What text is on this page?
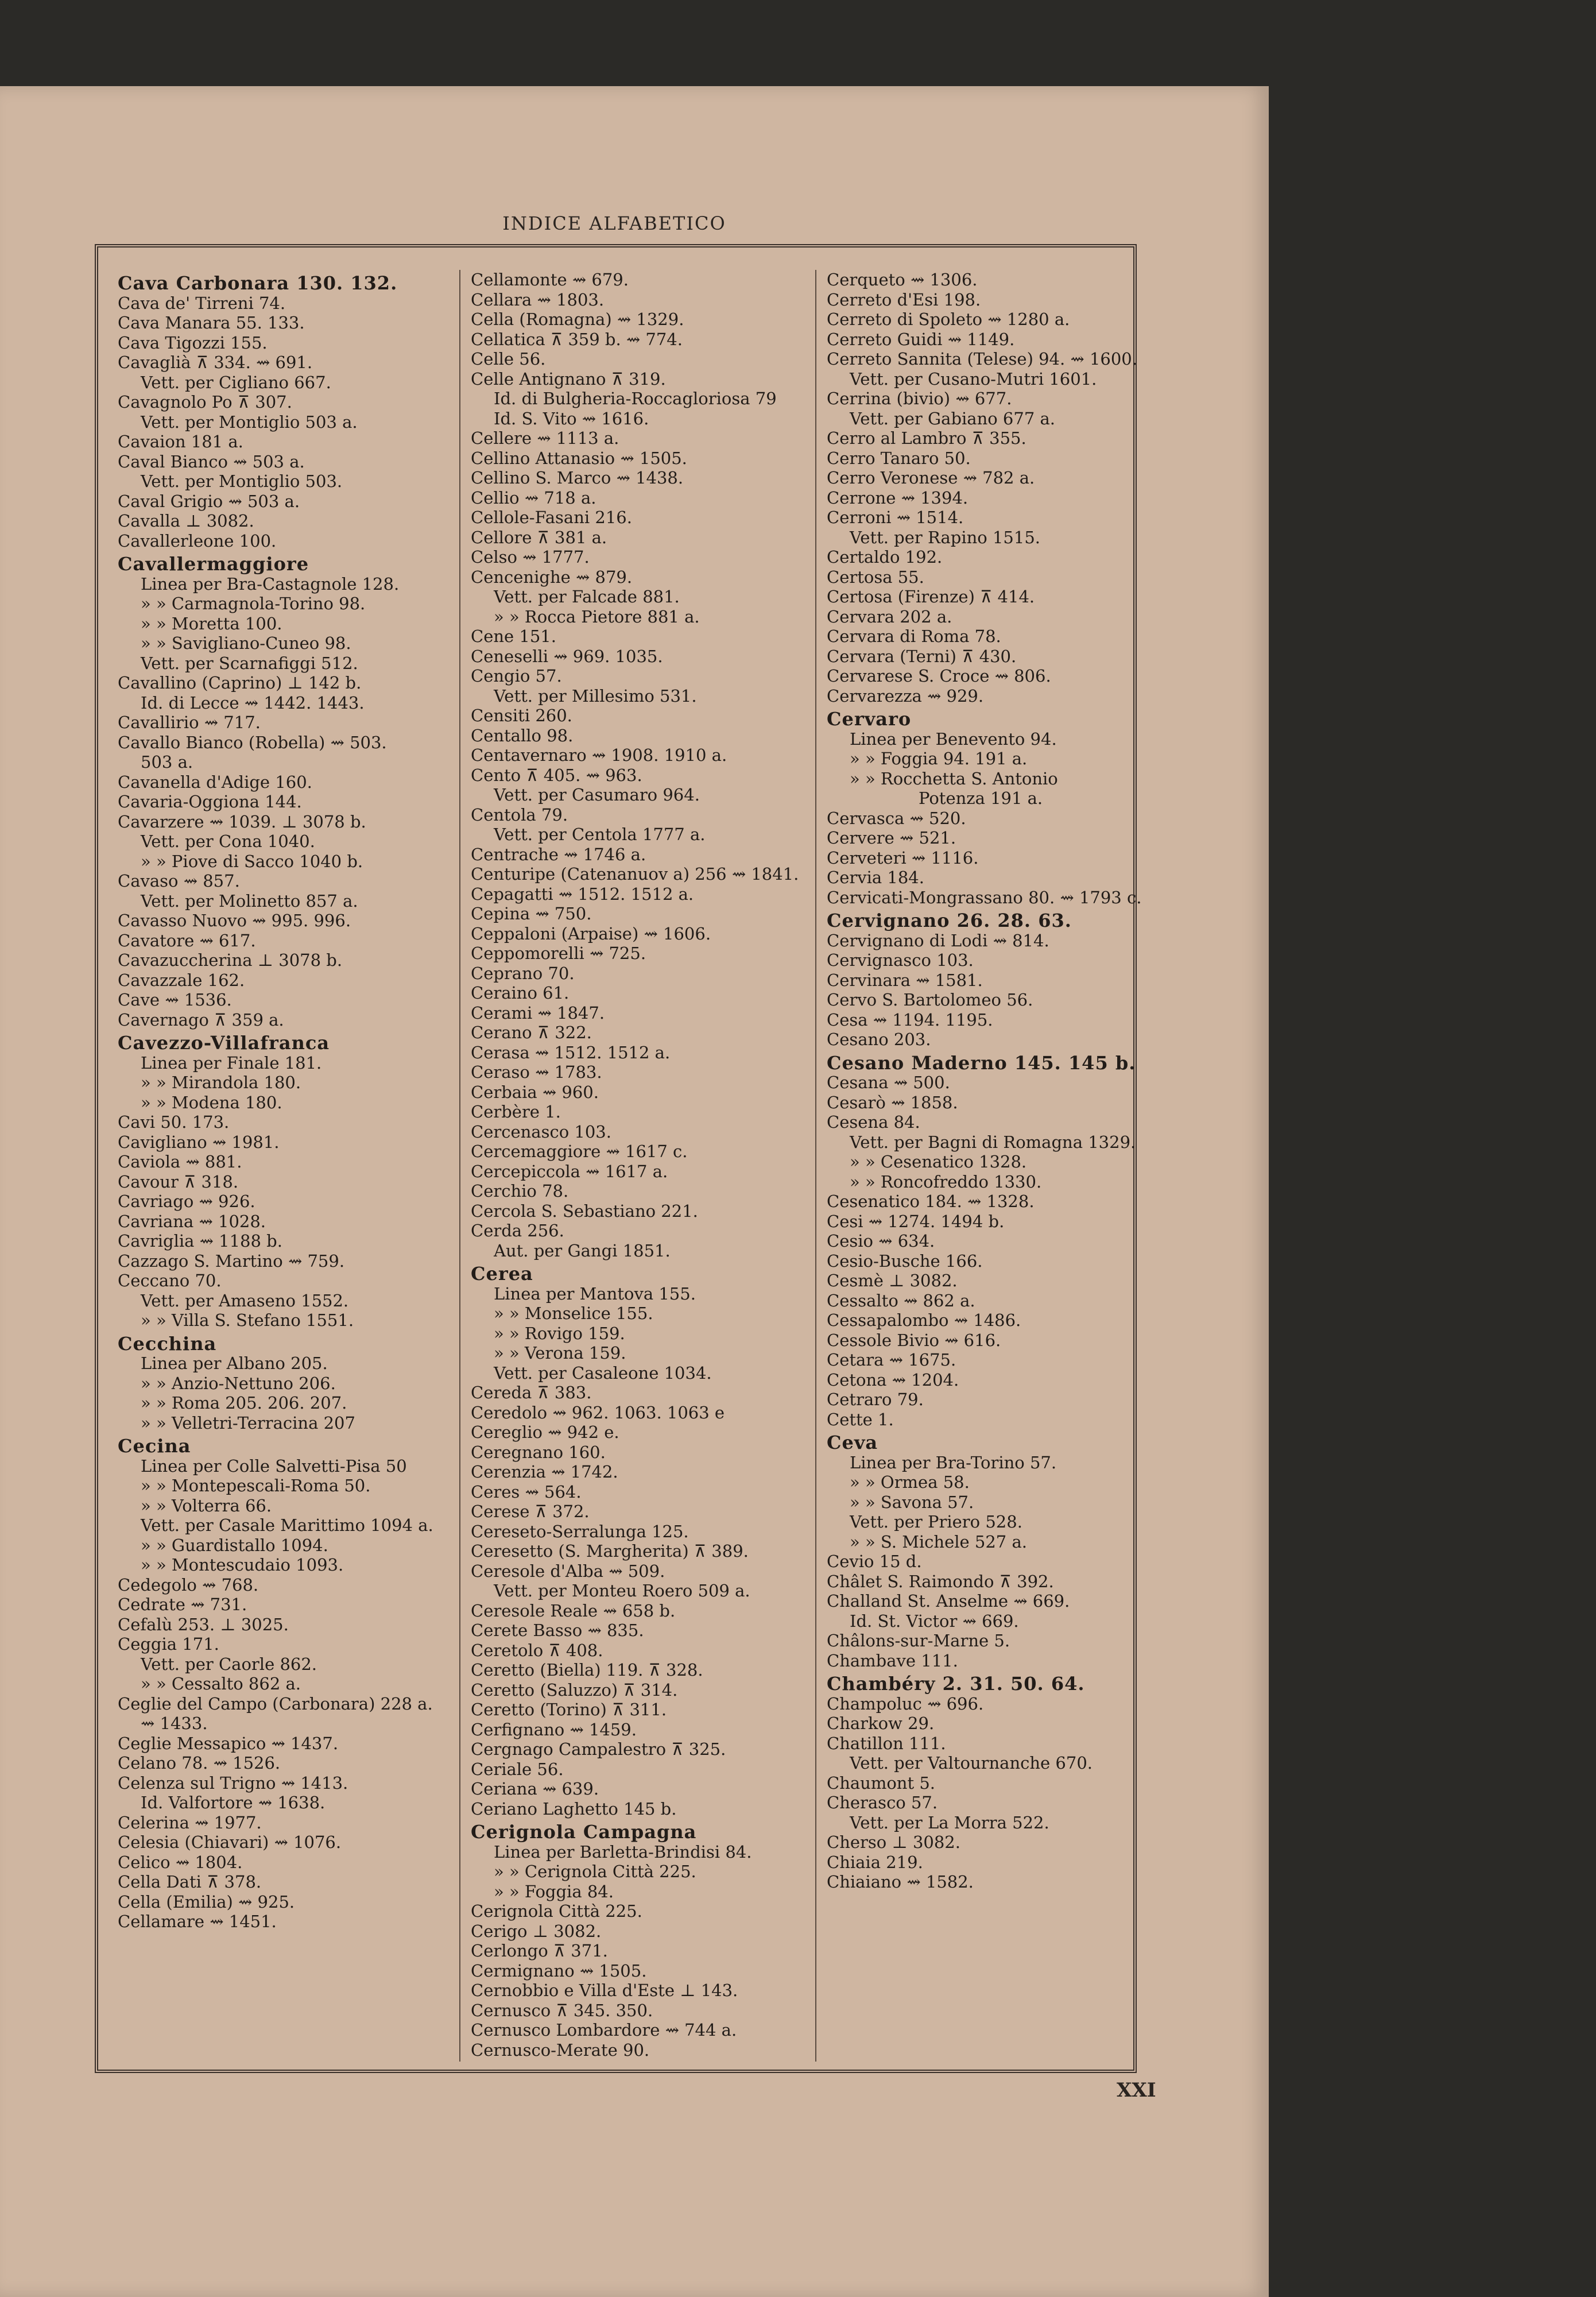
INDICE ALFABETICO
Cava Carbonara 130. 132.
Cava de' Tirreni 74.
Cava Manara 55. 133.
Cava Tigozzi 155.
Cavaglià ⊼ 334. ⇝ 691.
Vett. per Cigliano 667.
Cavagnolo Po ⊼ 307.
Vett. per Montiglio 503 a.
Cavaion 181 a.
Caval Bianco ⇝ 503 a.
Vett. per Montiglio 503.
Caval Grigio ⇝ 503 a.
Cavalla ⊥ 3082.
Cavallerleone 100.
Cavallermaggiore
Linea per Bra-Castagnole 128.
» » Carmagnola-Torino 98.
» » Moretta 100.
» » Savigliano-Cuneo 98.
Vett. per Scarnafiggi 512.
Cavallino (Caprino) ⊥ 142 b.
Id. di Lecce ⇝ 1442. 1443.
Cavallirio ⇝ 717.
Cavallo Bianco (Robella) ⇝ 503.
503 a.
Cavanella d'Adige 160.
Cavaria-Oggiona 144.
Cavarzere ⇝ 1039. ⊥ 3078 b.
Vett. per Cona 1040.
» » Piove di Sacco 1040 b.
Cavaso ⇝ 857.
Vett. per Molinetto 857 a.
Cavasso Nuovo ⇝ 995. 996.
Cavatore ⇝ 617.
Cavazuccherina ⊥ 3078 b.
Cavazzale 162.
Cave ⇝ 1536.
Cavernago ⊼ 359 a.
Cavezzo-Villafranca
Linea per Finale 181.
» » Mirandola 180.
» » Modena 180.
Cavi 50. 173.
Cavigliano ⇝ 1981.
Caviola ⇝ 881.
Cavour ⊼ 318.
Cavriago ⇝ 926.
Cavriana ⇝ 1028.
Cavriglia ⇝ 1188 b.
Cazzago S. Martino ⇝ 759.
Ceccano 70.
Vett. per Amaseno 1552.
» » Villa S. Stefano 1551.
Cecchina
Linea per Albano 205.
» » Anzio-Nettuno 206.
» » Roma 205. 206. 207.
» » Velletri-Terracina 207
Cecina
Linea per Colle Salvetti-Pisa 50
» » Montepescali-Roma 50.
» » Volterra 66.
Vett. per Casale Marittimo 1094 a.
» » Guardistallo 1094.
» » Montescudaio 1093.
Cedegolo ⇝ 768.
Cedrate ⇝ 731.
Cefalù 253. ⊥ 3025.
Ceggia 171.
Vett. per Caorle 862.
» » Cessalto 862 a.
Ceglie del Campo (Carbonara) 228 a.
⇝ 1433.
Ceglie Messapico ⇝ 1437.
Celano 78. ⇝ 1526.
Celenza sul Trigno ⇝ 1413.
Id. Valfortore ⇝ 1638.
Celerina ⇝ 1977.
Celesia (Chiavari) ⇝ 1076.
Celico ⇝ 1804.
Cella Dati ⊼ 378.
Cella (Emilia) ⇝ 925.
Cellamare ⇝ 1451.
Cellamonte ⇝ 679.
Cellara ⇝ 1803.
Cella (Romagna) ⇝ 1329.
Cellatica ⊼ 359 b. ⇝ 774.
Celle 56.
Celle Antignano ⊼ 319.
Id. di Bulgheria-Roccagloriosa 79
Id. S. Vito ⇝ 1616.
Cellere ⇝ 1113 a.
Cellino Attanasio ⇝ 1505.
Cellino S. Marco ⇝ 1438.
Cellio ⇝ 718 a.
Cellole-Fasani 216.
Cellore ⊼ 381 a.
Celso ⇝ 1777.
Cencenighe ⇝ 879.
Vett. per Falcade 881.
» » Rocca Pietore 881 a.
Cene 151.
Ceneselli ⇝ 969. 1035.
Cengio 57.
Vett. per Millesimo 531.
Censiti 260.
Centallo 98.
Centavernaro ⇝ 1908. 1910 a.
Cento ⊼ 405. ⇝ 963.
Vett. per Casumaro 964.
Centola 79.
Vett. per Centola 1777 a.
Centrache ⇝ 1746 a.
Centuripe (Catenanuov a) 256 ⇝ 1841.
Cepagatti ⇝ 1512. 1512 a.
Cepina ⇝ 750.
Ceppaloni (Arpaise) ⇝ 1606.
Ceppomorelli ⇝ 725.
Ceprano 70.
Ceraino 61.
Cerami ⇝ 1847.
Cerano ⊼ 322.
Cerasa ⇝ 1512. 1512 a.
Ceraso ⇝ 1783.
Cerbaia ⇝ 960.
Cerbère 1.
Cercenasco 103.
Cercemaggiore ⇝ 1617 c.
Cercepiccola ⇝ 1617 a.
Cerchio 78.
Cercola S. Sebastiano 221.
Cerda 256.
Aut. per Gangi 1851.
Cerea
Linea per Mantova 155.
» » Monselice 155.
» » Rovigo 159.
» » Verona 159.
Vett. per Casaleone 1034.
Cereda ⊼ 383.
Ceredolo ⇝ 962. 1063. 1063 e
Cereglio ⇝ 942 e.
Ceregnano 160.
Cerenzia ⇝ 1742.
Ceres ⇝ 564.
Cerese ⊼ 372.
Cereseto-Serralunga 125.
Ceresetto (S. Margherita) ⊼ 389.
Ceresole d'Alba ⇝ 509.
Vett. per Monteu Roero 509 a.
Ceresole Reale ⇝ 658 b.
Cerete Basso ⇝ 835.
Ceretolo ⊼ 408.
Ceretto (Biella) 119. ⊼ 328.
Ceretto (Saluzzo) ⊼ 314.
Ceretto (Torino) ⊼ 311.
Cerfignano ⇝ 1459.
Cergnago Campalestro ⊼ 325.
Ceriale 56.
Ceriana ⇝ 639.
Ceriano Laghetto 145 b.
Cerignola Campagna
Linea per Barletta-Brindisi 84.
» » Cerignola Città 225.
» » Foggia 84.
Cerignola Città 225.
Cerigo ⊥ 3082.
Cerlongo ⊼ 371.
Cermignano ⇝ 1505.
Cernobbio e Villa d'Este ⊥ 143.
Cernusco ⊼ 345. 350.
Cernusco Lombardore ⇝ 744 a.
Cernusco-Merate 90.
Cerqueto ⇝ 1306.
Cerreto d'Esi 198.
Cerreto di Spoleto ⇝ 1280 a.
Cerreto Guidi ⇝ 1149.
Cerreto Sannita (Telese) 94. ⇝ 1600.
Vett. per Cusano-Mutri 1601.
Cerrina (bivio) ⇝ 677.
Vett. per Gabiano 677 a.
Cerro al Lambro ⊼ 355.
Cerro Tanaro 50.
Cerro Veronese ⇝ 782 a.
Cerrone ⇝ 1394.
Cerroni ⇝ 1514.
Vett. per Rapino 1515.
Certaldo 192.
Certosa 55.
Certosa (Firenze) ⊼ 414.
Cervara 202 a.
Cervara di Roma 78.
Cervara (Terni) ⊼ 430.
Cervarese S. Croce ⇝ 806.
Cervarezza ⇝ 929.
Cervaro
Linea per Benevento 94.
» » Foggia 94. 191 a.
» » Rocchetta S. Antonio
Potenza 191 a.
Cervasca ⇝ 520.
Cervere ⇝ 521.
Cerveteri ⇝ 1116.
Cervia 184.
Cervicati-Mongrassano 80. ⇝ 1793 c.
Cervignano 26. 28. 63.
Cervignano di Lodi ⇝ 814.
Cervignasco 103.
Cervinara ⇝ 1581.
Cervo S. Bartolomeo 56.
Cesa ⇝ 1194. 1195.
Cesano 203.
Cesano Maderno 145. 145 b.
Cesana ⇝ 500.
Cesarò ⇝ 1858.
Cesena 84.
Vett. per Bagni di Romagna 1329.
» » Cesenatico 1328.
» » Roncofreddo 1330.
Cesenatico 184. ⇝ 1328.
Cesi ⇝ 1274. 1494 b.
Cesio ⇝ 634.
Cesio-Busche 166.
Cesmè ⊥ 3082.
Cessalto ⇝ 862 a.
Cessapalombo ⇝ 1486.
Cessole Bivio ⇝ 616.
Cetara ⇝ 1675.
Cetona ⇝ 1204.
Cetraro 79.
Cette 1.
Ceva
Linea per Bra-Torino 57.
» » Ormea 58.
» » Savona 57.
Vett. per Priero 528.
» » S. Michele 527 a.
Cevio 15 d.
Châlet S. Raimondo ⊼ 392.
Challand St. Anselme ⇝ 669.
Id. St. Victor ⇝ 669.
Châlons-sur-Marne 5.
Chambave 111.
Chambéry 2. 31. 50. 64.
Champoluc ⇝ 696.
Charkow 29.
Chatillon 111.
Vett. per Valtournanche 670.
Chaumont 5.
Cherasco 57.
Vett. per La Morra 522.
Cherso ⊥ 3082.
Chiaia 219.
Chiaiano ⇝ 1582.
XXI
